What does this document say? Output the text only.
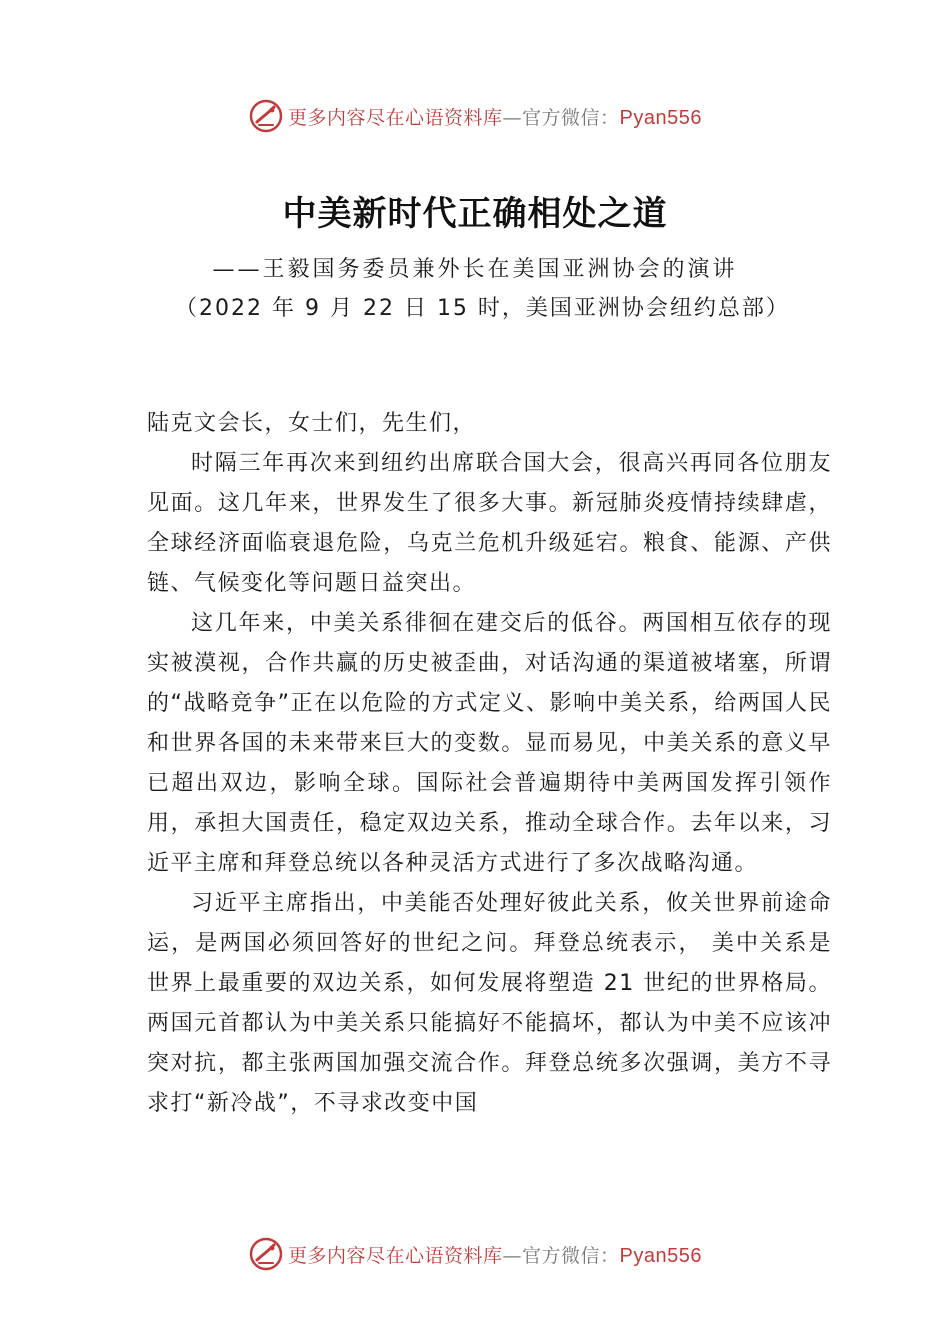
更多内容尽在心语资料库—官方微信：Pyan556
中美新时代正确相处之道
——王毅国务委员兼外长在美国亚洲协会的演讲
（2022 年 9 月 22 日 15 时，美国亚洲协会纽约总部）

陆克文会长，女士们，先生们，

时隔三年再次来到纽约出席联合国大会，很高兴再同各位朋友见面。这几年来，世界发生了很多大事。新冠肺炎疫情持续肆虐，全球经济面临衰退危险，乌克兰危机升级延宕。粮食、能源、产供链、气候变化等问题日益突出。

这几年来，中美关系徘徊在建交后的低谷。两国相互依存的现实被漠视，合作共赢的历史被歪曲，对话沟通的渠道被堵塞，所谓的“战略竞争”正在以危险的方式定义、影响中美关系，给两国人民和世界各国的未来带来巨大的变数。显而易见，中美关系的意义早已超出双边，影响全球。国际社会普遍期待中美两国发挥引领作用，承担大国责任，稳定双边关系，推动全球合作。去年以来，习近平主席和拜登总统以各种灵活方式进行了多次战略沟通。

习近平主席指出，中美能否处理好彼此关系，攸关世界前途命运，是两国必须回答好的世纪之问。拜登总统表示， 美中关系是世界上最重要的双边关系，如何发展将塑造 21 世纪的世界格局。两国元首都认为中美关系只能搞好不能搞坏，都认为中美不应该冲突对抗，都主张两国加强交流合作。拜登总统多次强调，美方不寻求打“新冷战”，不寻求改变中国

更多内容尽在心语资料库—官方微信：Pyan556
